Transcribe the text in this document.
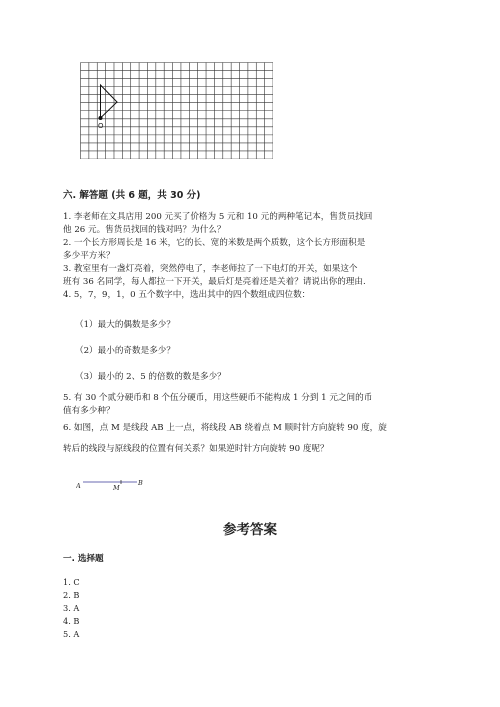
O
六. 解答题 (共 6 题，共 30 分)
1. 李老师在文具店用 200 元买了价格为 5 元和 10 元的两种笔记本，售货员找回
他 26 元。售货员找回的钱对吗？为什么？
2. 一个长方形周长是 16 米，它的长、宽的米数是两个质数，这个长方形面积是
多少平方米？
3. 教室里有一盏灯亮着，突然停电了，李老师拉了一下电灯的开关，如果这个
班有 36 名同学，每人都拉一下开关，最后灯是亮着还是关着？请说出你的理由.
4. 5，7，9，1，0 五个数字中，选出其中的四个数组成四位数：
（1）最大的偶数是多少？
（2）最小的奇数是多少？
（3）最小的 2、5 的倍数的数是多少？
5. 有 30 个贰分硬币和 8 个伍分硬币，用这些硬币不能构成 1 分到 1 元之间的币
值有多少种？
6. 如图，点 M 是线段 AB 上一点，将线段 AB 绕着点 M 顺时针方向旋转 90 度，旋
转后的线段与原线段的位置有何关系？如果逆时针方向旋转 90 度呢？
A	M
B
参考答案
一. 选择题
1. C
2. B
3. A
4. B
5. A
